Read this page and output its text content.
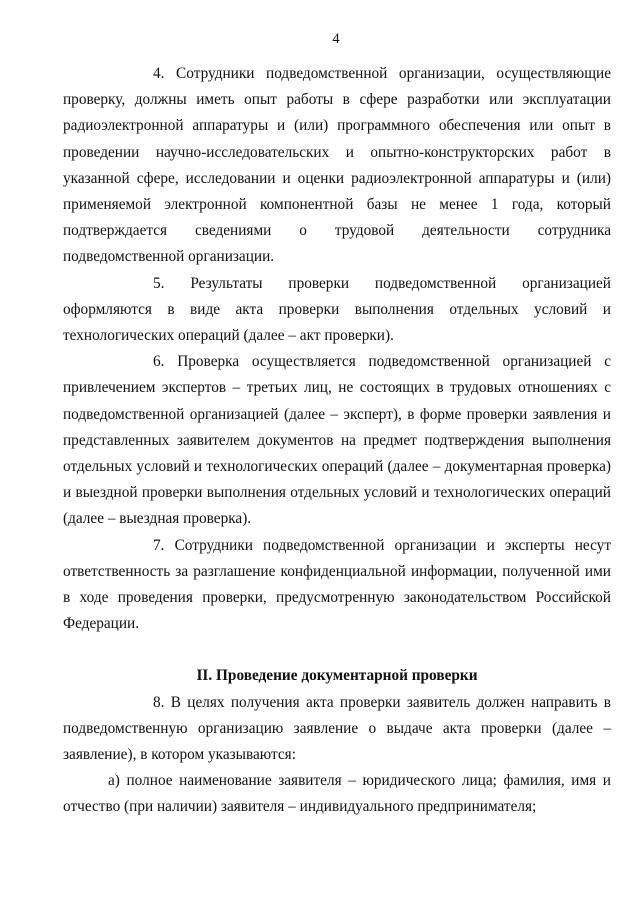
4

4. Сотрудники подведомственной организации, осуществляющие проверку, должны иметь опыт работы в сфере разработки или эксплуатации радиоэлектронной аппаратуры и (или) программного обеспечения или опыт в проведении научно-исследовательских и опытно-конструкторских работ в указанной сфере, исследовании и оценки радиоэлектронной аппаратуры и (или) применяемой электронной компонентной базы не менее 1 года, который подтверждается сведениями о трудовой деятельности сотрудника подведомственной организации.

5. Результаты проверки подведомственной организацией оформляются в виде акта проверки выполнения отдельных условий и технологических операций (далее – акт проверки).

6. Проверка осуществляется подведомственной организацией с привлечением экспертов – третьих лиц, не состоящих в трудовых отношениях с подведомственной организацией (далее – эксперт), в форме проверки заявления и представленных заявителем документов на предмет подтверждения выполнения отдельных условий и технологических операций (далее – документарная проверка) и выездной проверки выполнения отдельных условий и технологических операций (далее – выездная проверка).

7. Сотрудники подведомственной организации и эксперты несут ответственность за разглашение конфиденциальной информации, полученной ими в ходе проведения проверки, предусмотренную законодательством Российской Федерации.

II. Проведение документарной проверки

8. В целях получения акта проверки заявитель должен направить в подведомственную организацию заявление о выдаче акта проверки (далее – заявление), в котором указываются:

а) полное наименование заявителя – юридического лица; фамилия, имя и отчество (при наличии) заявителя – индивидуального предпринимателя;
